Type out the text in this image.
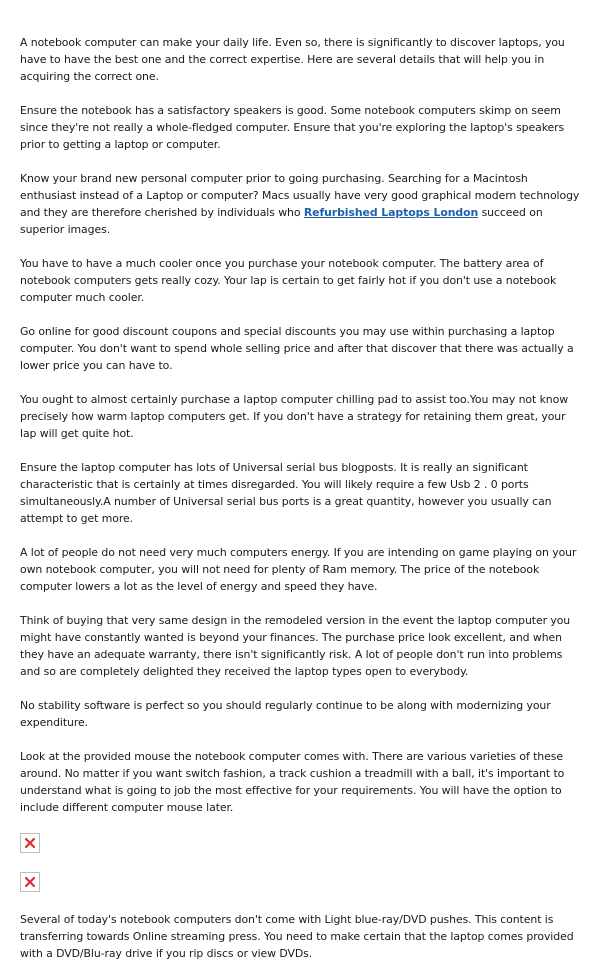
A notebook computer can make your daily life. Even so, there is significantly to discover laptops, you have to have the best one and the correct expertise. Here are several details that will help you in acquiring the correct one.

Ensure the notebook has a satisfactory speakers is good. Some notebook computers skimp on seem since they're not really a whole-fledged computer. Ensure that you're exploring the laptop's speakers prior to getting a laptop or computer.

Know your brand new personal computer prior to going purchasing. Searching for a Macintosh enthusiast instead of a Laptop or computer? Macs usually have very good graphical modern technology and they are therefore cherished by individuals who Refurbished Laptops London succeed on superior images.

You have to have a much cooler once you purchase your notebook computer. The battery area of notebook computers gets really cozy. Your lap is certain to get fairly hot if you don't use a notebook computer much cooler.

Go online for good discount coupons and special discounts you may use within purchasing a laptop computer. You don't want to spend whole selling price and after that discover that there was actually a lower price you can have to.

You ought to almost certainly purchase a laptop computer chilling pad to assist too.You may not know precisely how warm laptop computers get. If you don't have a strategy for retaining them great, your lap will get quite hot.

Ensure the laptop computer has lots of Universal serial bus blogposts. It is really an significant characteristic that is certainly at times disregarded. You will likely require a few Usb 2 . 0 ports simultaneously.A number of Universal serial bus ports is a great quantity, however you usually can attempt to get more.

A lot of people do not need very much computers energy. If you are intending on game playing on your own notebook computer, you will not need for plenty of Ram memory. The price of the notebook computer lowers a lot as the level of energy and speed they have.

Think of buying that very same design in the remodeled version in the event the laptop computer you might have constantly wanted is beyond your finances. The purchase price look excellent, and when they have an adequate warranty, there isn't significantly risk. A lot of people don't run into problems and so are completely delighted they received the laptop types open to everybody.

No stability software is perfect so you should regularly continue to be along with modernizing your expenditure.

Look at the provided mouse the notebook computer comes with. There are various varieties of these around. No matter if you want switch fashion, a track cushion a treadmill with a ball, it's important to understand what is going to job the most effective for your requirements. You will have the option to include different computer mouse later.

Several of today's notebook computers don't come with Light blue-ray/DVD pushes. This content is transferring towards Online streaming press. You need to make certain that the laptop comes provided with a DVD/Blu-ray drive if you rip discs or view DVDs.
